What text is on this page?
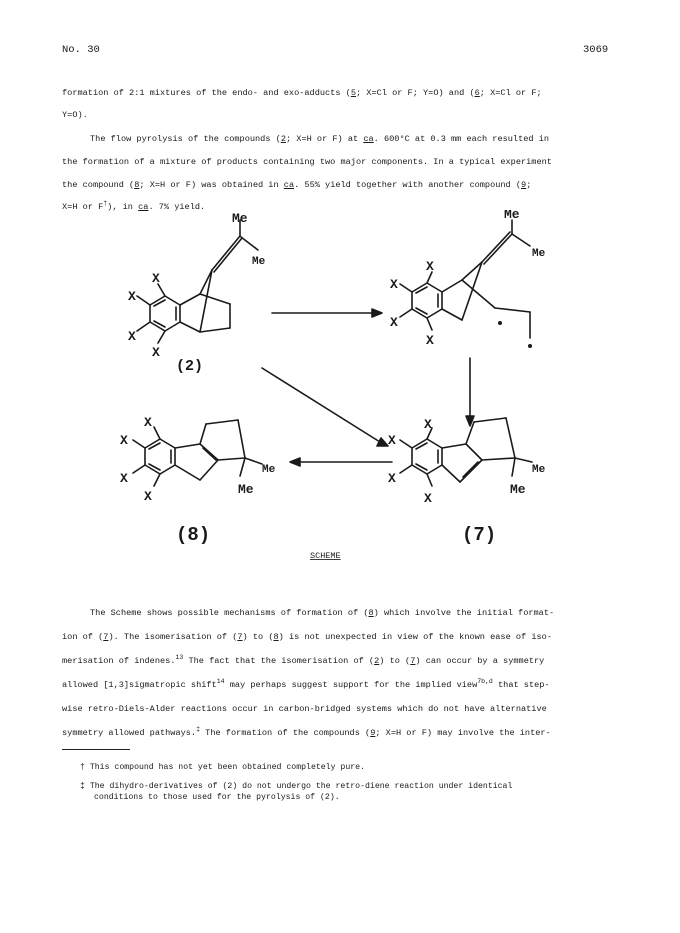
No. 30	3069
formation of 2:1 mixtures of the endo- and exo-adducts (5; X=Cl or F; Y=O) and (6; X=Cl or F;
Y=O).
The flow pyrolysis of the compounds (2; X=H or F) at ca. 600°C at 0.3 mm each resulted in
the formation of a mixture of products containing two major components. In a typical experiment
the compound (8; X=H or F) was obtained in ca. 55% yield together with another compound (9;
X=H or F†), in ca. 7% yield.
X
X
X
X
Me
Me
X
X
X
X
Me
Me
X
X
X
X
Me
Me
X
X
X
X
Me
Me
(2)
(8)	(7)
SCHEME
The Scheme shows possible mechanisms of formation of (8) which involve the initial format-
ion of (7). The isomerisation of (7) to (8) is not unexpected in view of the known ease of iso-
merisation of indenes.$^{13}$ The fact that the isomerisation of (2) to (7) can occur by a symmetry
allowed [1,3]sigmatropic shift$^{14}$ may perhaps suggest support for the implied view$^{7b,d}$ that step-
wise retro-Diels-Alder reactions occur in carbon-bridged systems which do not have alternative
symmetry allowed pathways.‡ The formation of the compounds (9; X=H or F) may involve the inter-
† This compound has not yet been obtained completely pure.
‡ The dihydro-derivatives of (2) do not undergo the retro-diene reaction under identical
conditions to those used for the pyrolysis of (2).
